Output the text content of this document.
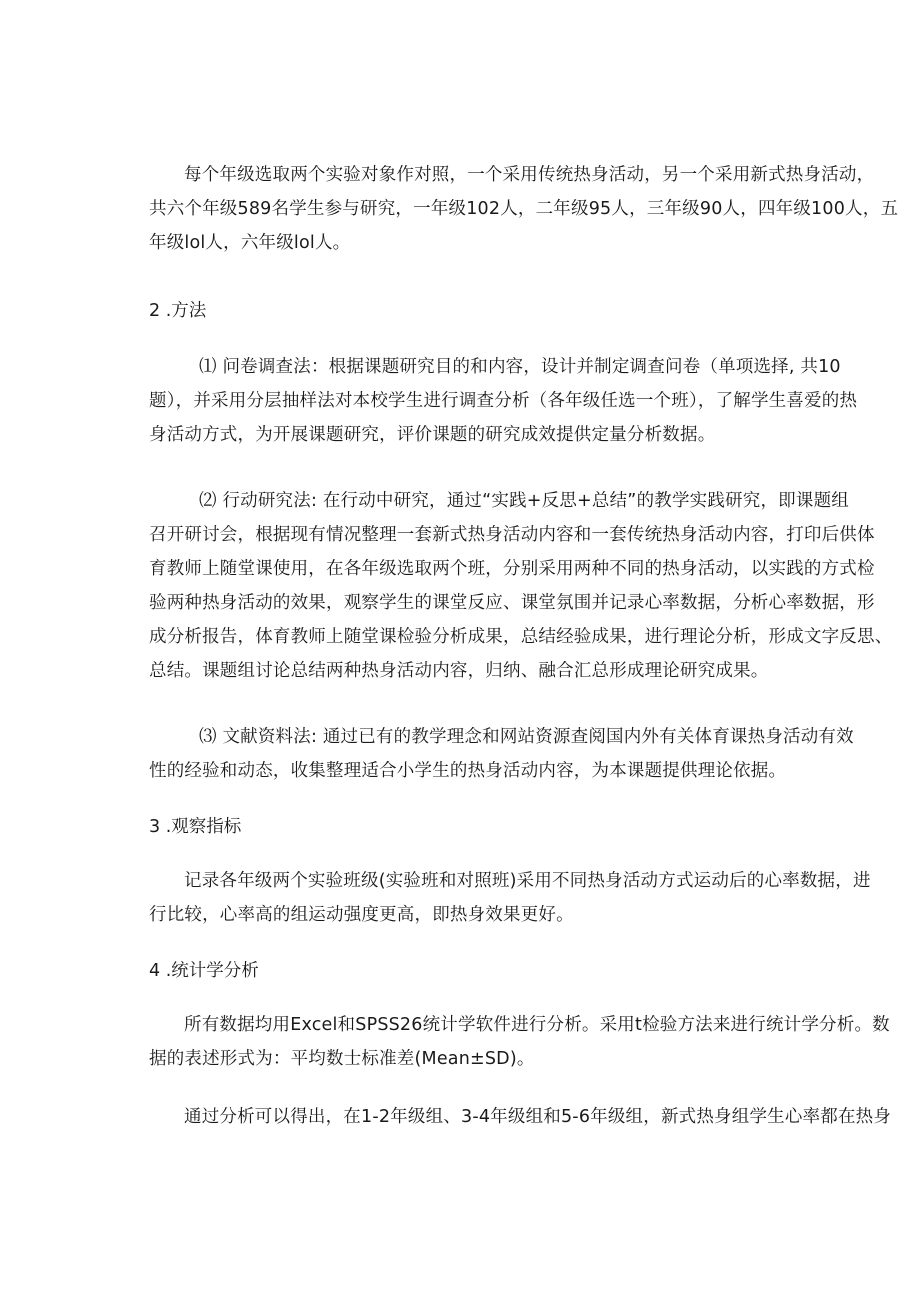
每个年级选取两个实验对象作对照，一个采用传统热身活动，另一个采用新式热身活动，
共六个年级589名学生参与研究，一年级102人，二年级95人，三年级90人，四年级100人，五
年级lol人，六年级lol人。
2 .方法
⑴ 问卷调查法：根据课题研究目的和内容，设计并制定调查问卷（单项选择, 共10
题），并采用分层抽样法对本校学生进行调查分析（各年级任选一个班），了解学生喜爱的热
身活动方式，为开展课题研究，评价课题的研究成效提供定量分析数据。
⑵ 行动研究法: 在行动中研究，通过“实践+反思+总结”的教学实践研究，即课题组
召开研讨会，根据现有情况整理一套新式热身活动内容和一套传统热身活动内容，打印后供体
育教师上随堂课使用，在各年级选取两个班，分别采用两种不同的热身活动，以实践的方式检
验两种热身活动的效果，观察学生的课堂反应、课堂氛围并记录心率数据，分析心率数据，形
成分析报告，体育教师上随堂课检验分析成果，总结经验成果，进行理论分析，形成文字反思、
总结。课题组讨论总结两种热身活动内容，归纳、融合汇总形成理论研究成果。
⑶ 文献资料法: 通过已有的教学理念和网站资源查阅国内外有关体育课热身活动有效
性的经验和动态，收集整理适合小学生的热身活动内容，为本课题提供理论依据。
3 .观察指标
记录各年级两个实验班级(实验班和对照班)采用不同热身活动方式运动后的心率数据，进
行比较，心率高的组运动强度更高，即热身效果更好。
4 .统计学分析
所有数据均用Excel和SPSS26统计学软件进行分析。采用t检验方法来进行统计学分析。数
据的表述形式为：平均数士标准差(Mean±SD)。
通过分析可以得出，在1-2年级组、3-4年级组和5-6年级组，新式热身组学生心率都在热身
